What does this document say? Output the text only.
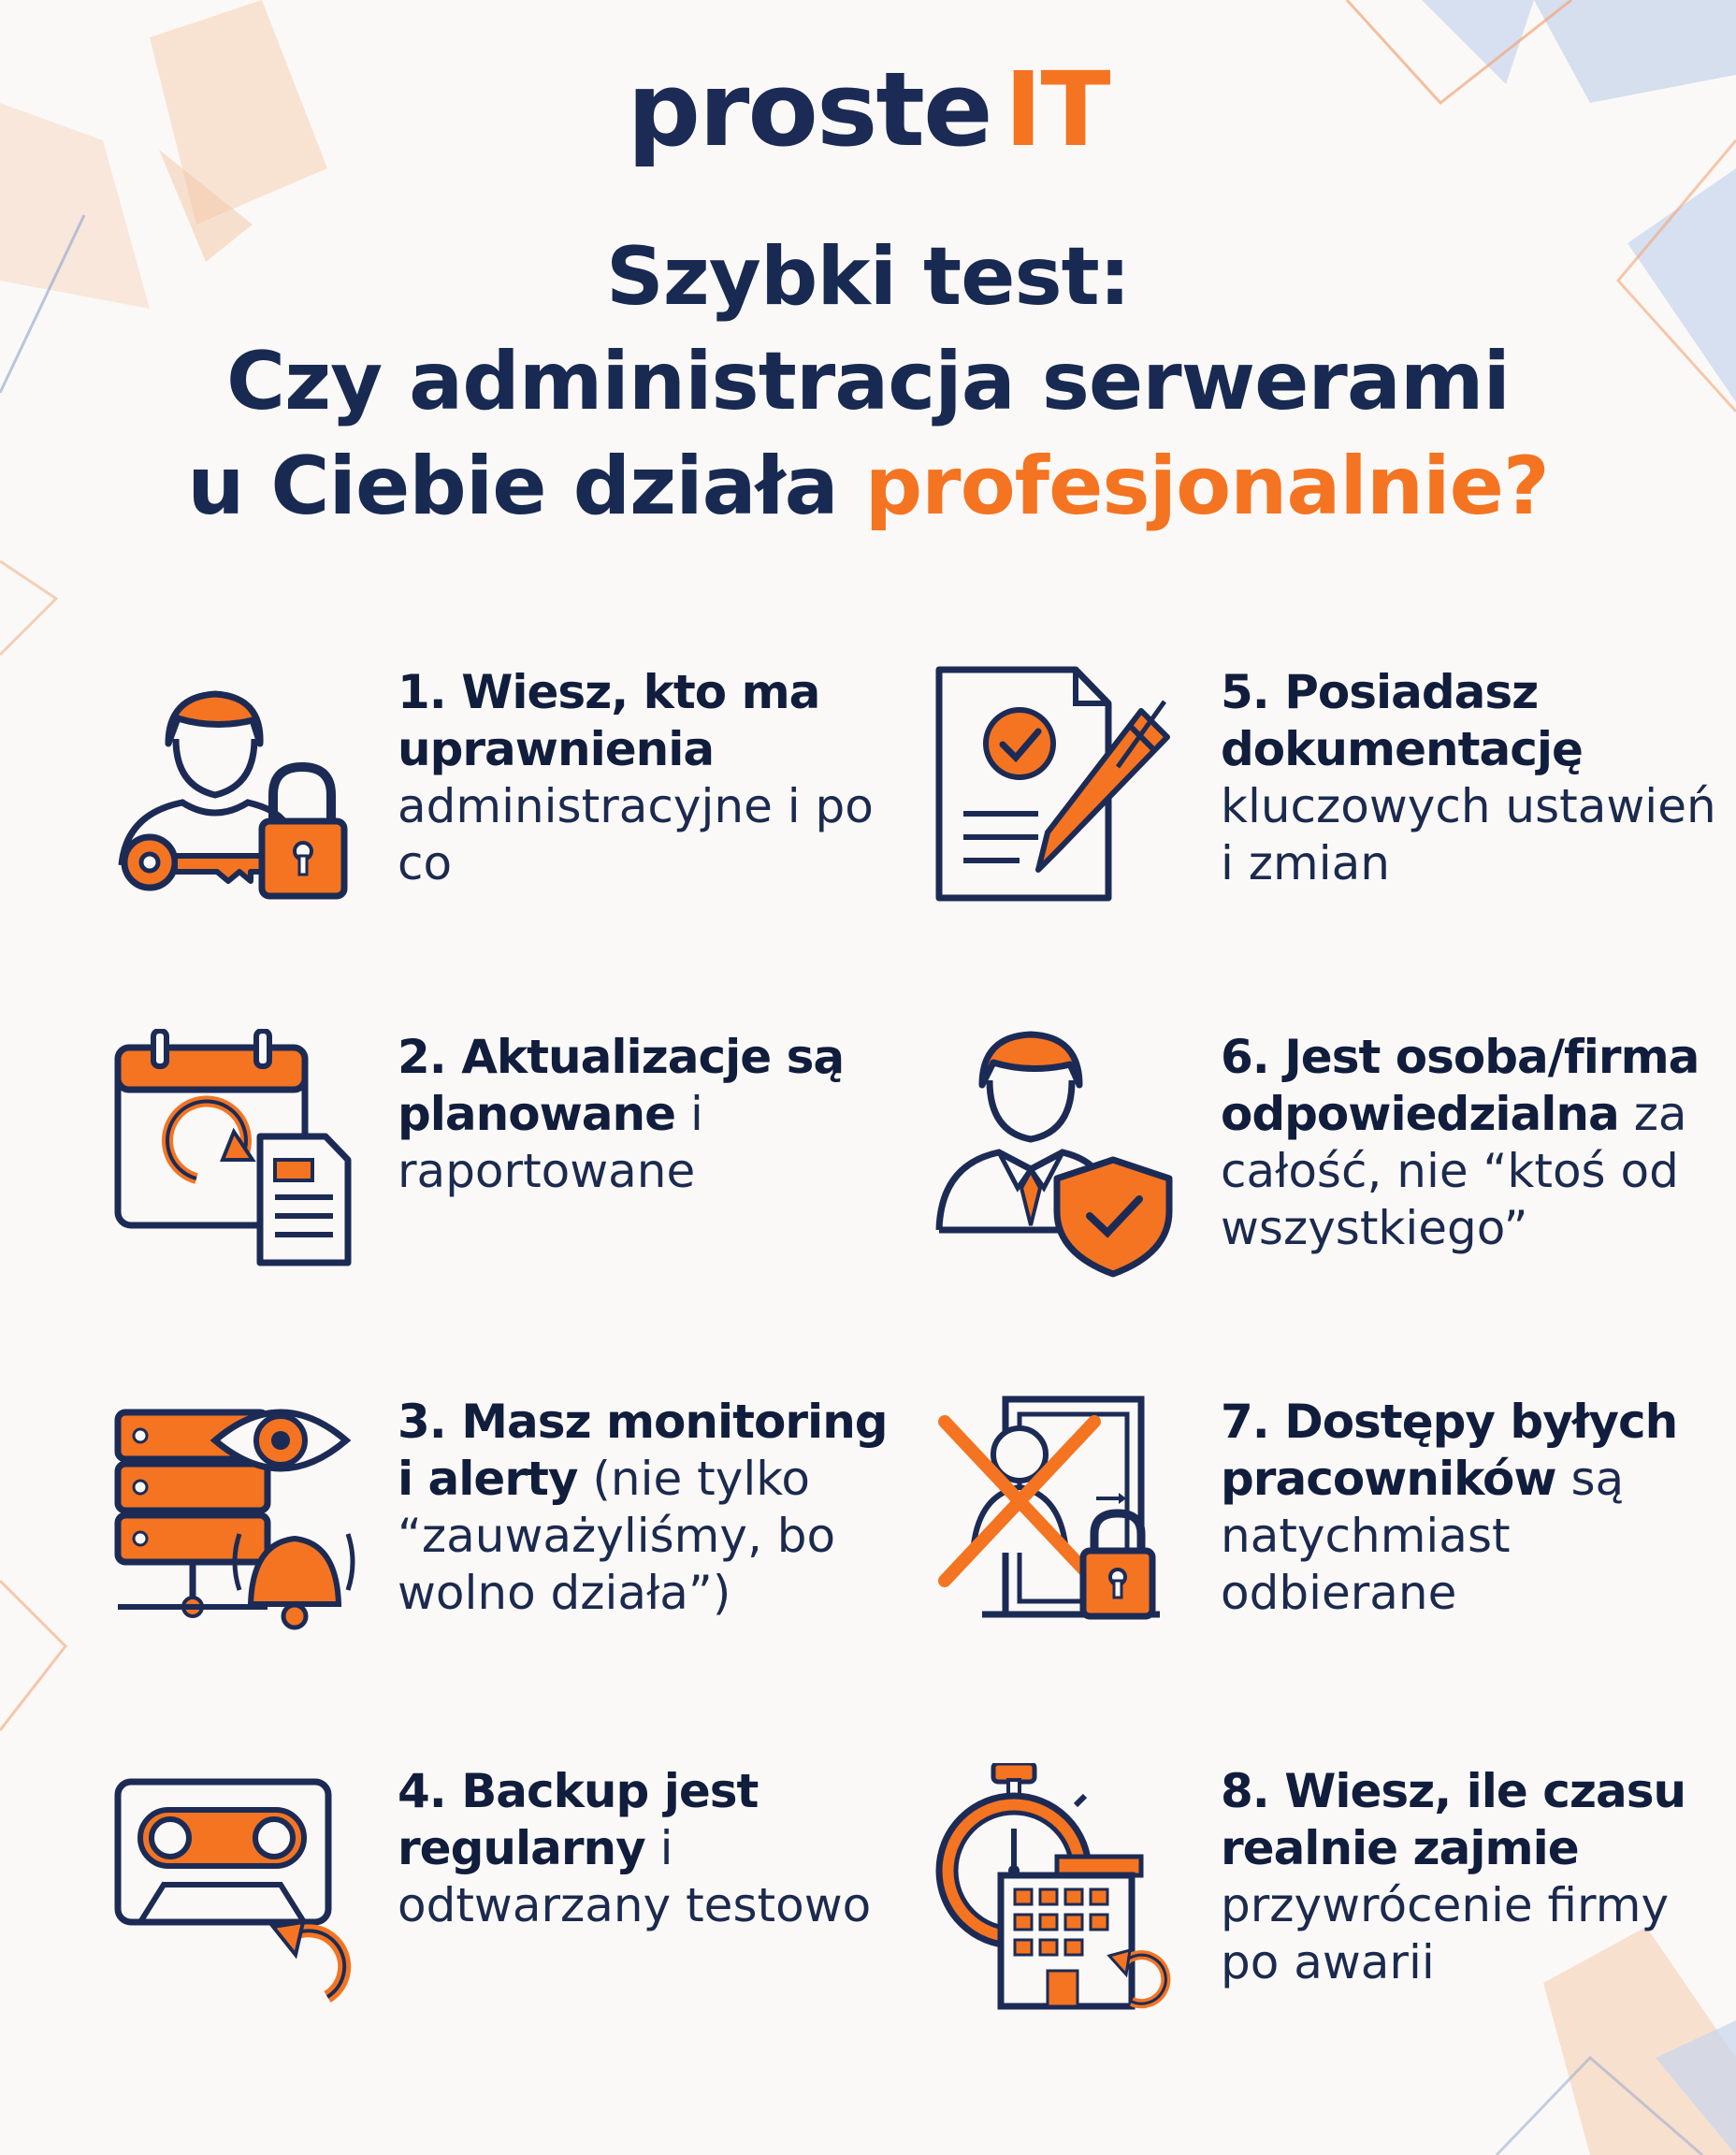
proste IT
Szybki test:
Czy administracja serwerami
u Ciebie działa profesjonalnie?
1. Wiesz, kto ma uprawnienia administracyjne i po co
2. Aktualizacje są planowane i raportowane
3. Masz monitoring i alerty (nie tylko “zauważyliśmy, bo wolno działa”)
4. Backup jest regularny i odtwarzany testowo
5. Posiadasz dokumentację kluczowych ustawień i zmian
6. Jest osoba/firma odpowiedzialna za całość, nie “ktoś od wszystkiego”
7. Dostępy byłych pracowników są natychmiast odbierane
8. Wiesz, ile czasu realnie zajmie przywrócenie firmy po awarii
